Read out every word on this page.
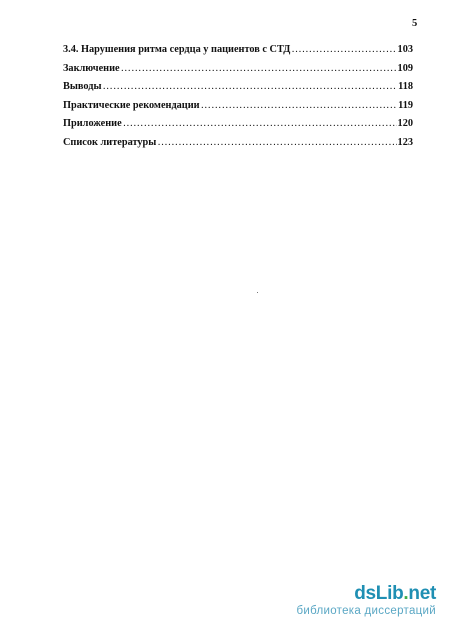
5
3.4. Нарушения ритма сердца у пациентов с СТД ………………………………………………………………………………………………………………………………………………………………………………	103
Заключение ………………………………………………………………………………………………………………………………………………………………………………	109
Выводы ………………………………………………………………………………………………………………………………………………………………………………	118
Практические рекомендации ………………………………………………………………………………………………………………………………………………………………………………	119
Приложение ………………………………………………………………………………………………………………………………………………………………………………	120
Список литературы ………………………………………………………………………………………………………………………………………………………………………………	123
dsLib.net
библиотека диссертаций
